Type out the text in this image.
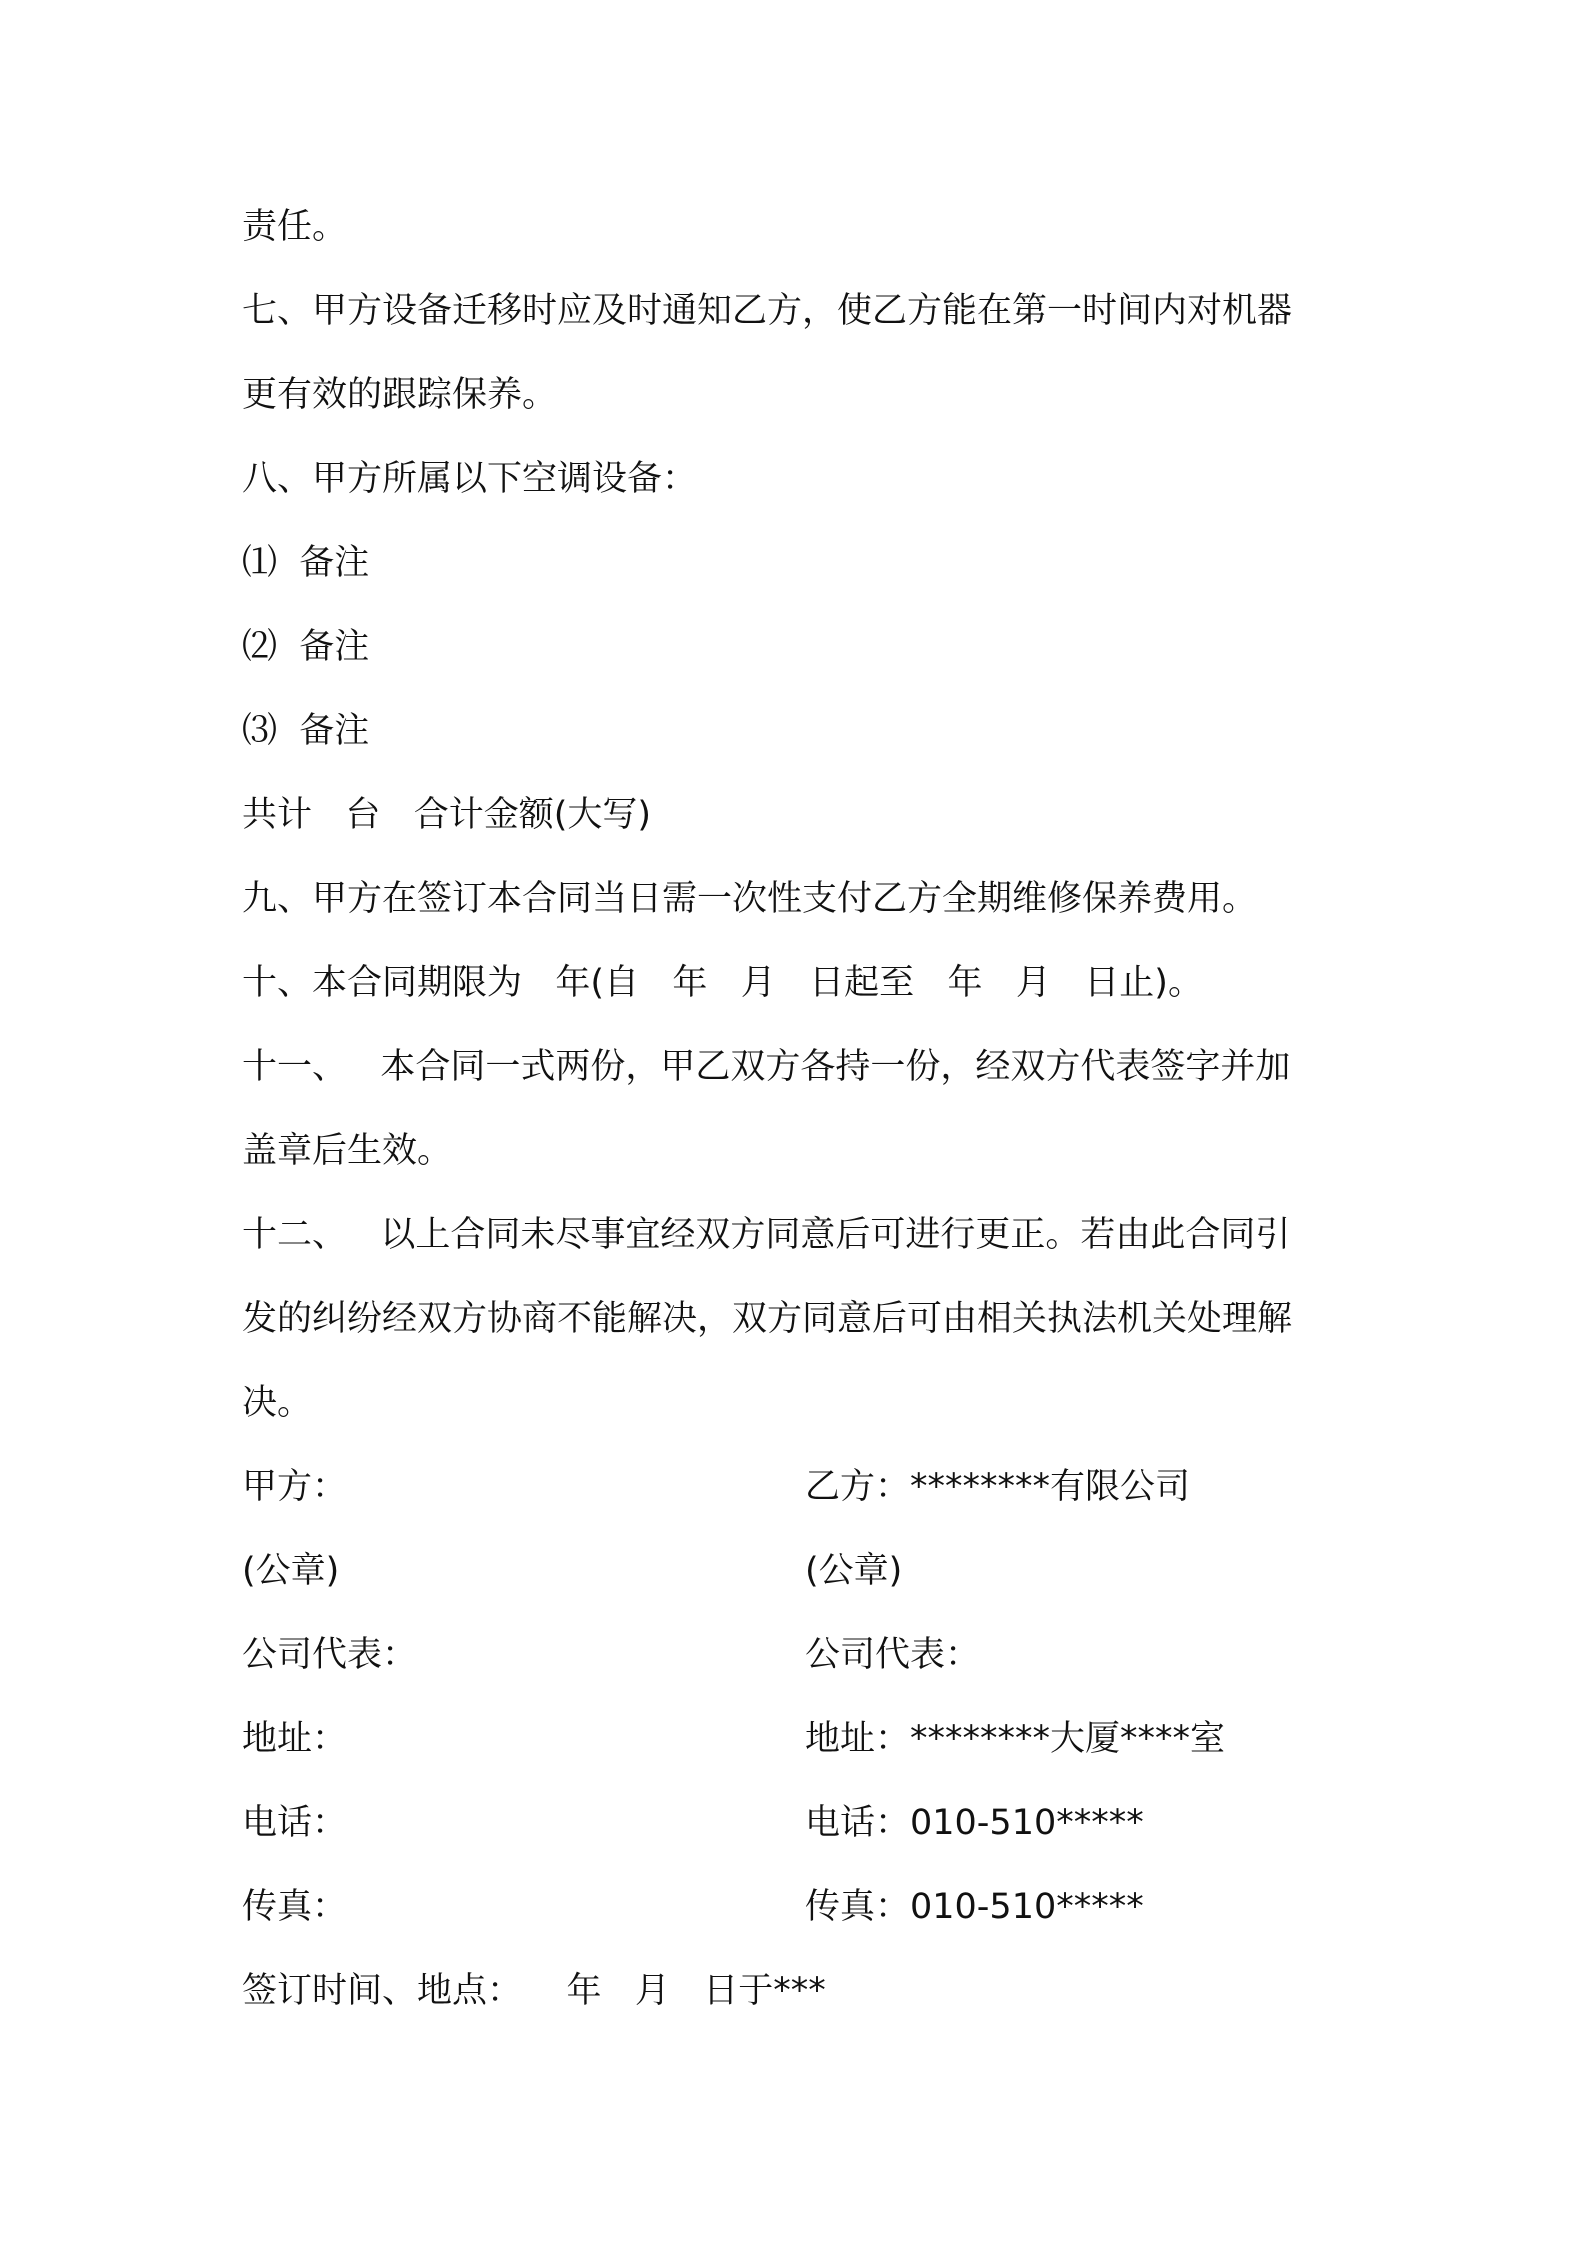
责任。
七、甲方设备迁移时应及时通知乙方，使乙方能在第一时间内对机器
更有效的跟踪保养。
八、甲方所属以下空调设备：
⑴  备注
⑵  备注
⑶  备注
共计   台   合计金额(大写)
九、甲方在签订本合同当日需一次性支付乙方全期维修保养费用。
十、本合同期限为   年(自   年   月   日起至   年   月   日止)。
十一、   本合同一式两份，甲乙双方各持一份，经双方代表签字并加
盖章后生效。
十二、   以上合同未尽事宜经双方同意后可进行更正。若由此合同引
发的纠纷经双方协商不能解决，双方同意后可由相关执法机关处理解
决。
甲方：	乙方：********有限公司
(公章)	(公章)
公司代表：	公司代表：
地址：	地址：********大厦****室
电话：	电话：010-510*****
传真：	传真：010-510*****
签订时间、地点：    年   月   日于***
